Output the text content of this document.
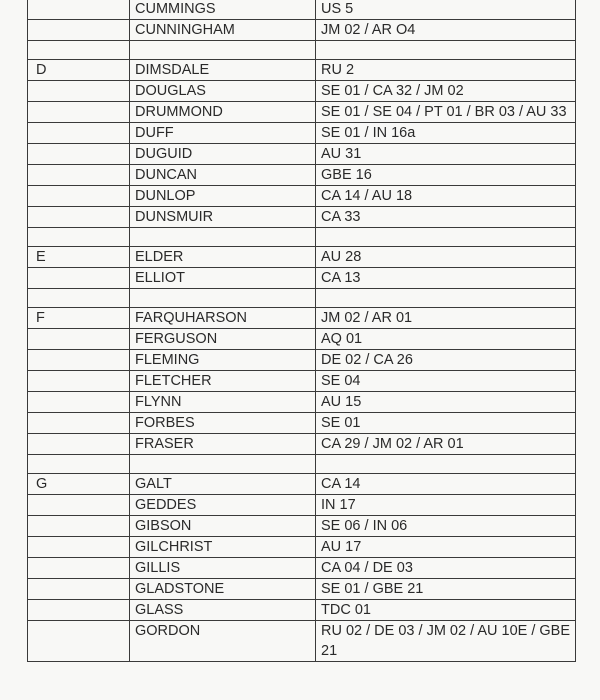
	CUMMINGS	US 5
	CUNNINGHAM	JM 02 / AR O4

D	DIMSDALE	RU 2
	DOUGLAS	SE 01 / CA 32 / JM 02
	DRUMMOND	SE 01 / SE 04 / PT 01 / BR 03 / AU 33
	DUFF	SE 01 / IN 16a
	DUGUID	AU 31
	DUNCAN	GBE 16
	DUNLOP	CA 14 / AU 18
	DUNSMUIR	CA 33

E	ELDER	AU 28
	ELLIOT	CA 13

F	FARQUHARSON	JM 02 / AR 01
	FERGUSON	AQ 01
	FLEMING	DE 02 / CA 26
	FLETCHER	SE 04
	FLYNN	AU 15
	FORBES	SE 01
	FRASER	CA 29 / JM 02 / AR 01

G	GALT	CA 14
	GEDDES	IN 17
	GIBSON	SE 06 / IN 06
	GILCHRIST	AU 17
	GILLIS	CA 04 / DE 03
	GLADSTONE	SE 01 / GBE 21
	GLASS	TDC 01
	GORDON	RU 02 / DE 03 / JM 02 / AU 10E / GBE 21
